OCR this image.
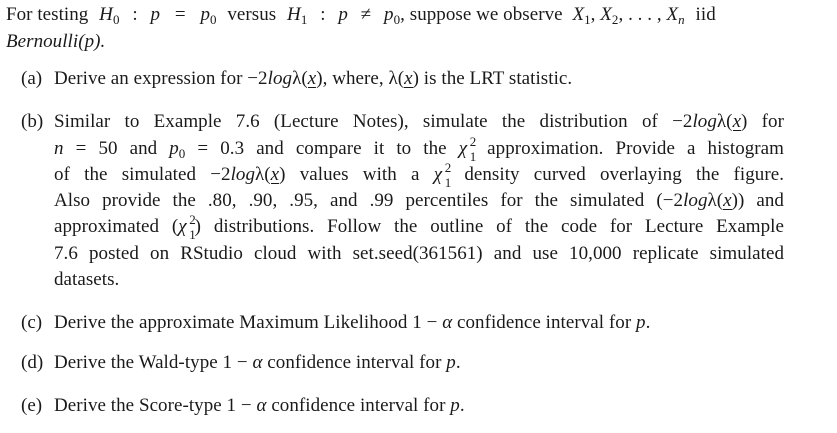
For testing $H_0$ : $p = p_0$ versus $H_1$ : $p \ne p_0$, suppose we observe $X_1$, $X_2$, . . . , $X_n$ iid
Bernoulli(p).
(a) Derive an expression for −2logλ(x), where, λ(x) is the LRT statistic.
(b) Similar to Example 7.6 (Lecture Notes), simulate the distribution of −2logλ(x) for
n = 50 and $p_0 = 0.3$ and compare it to the χ 2
1
approximation. Provide a histogram
of the simulated −2logλ(x) values with a χ 2
1
density curved overlaying the figure.
Also provide the .80, .90, .95, and .99 percentiles for the simulated (−2logλ(x)) and
approximated (χ 2
1
) distributions. Follow the outline of the code for Lecture Example
7.6 posted on RStudio cloud with set.seed(361561) and use 10,000 replicate simulated
datasets.
(c) Derive the approximate Maximum Likelihood 1 − α confidence interval for p.
(d) Derive the Wald-type 1 − α confidence interval for p.
(e) Derive the Score-type 1 − α confidence interval for p.
